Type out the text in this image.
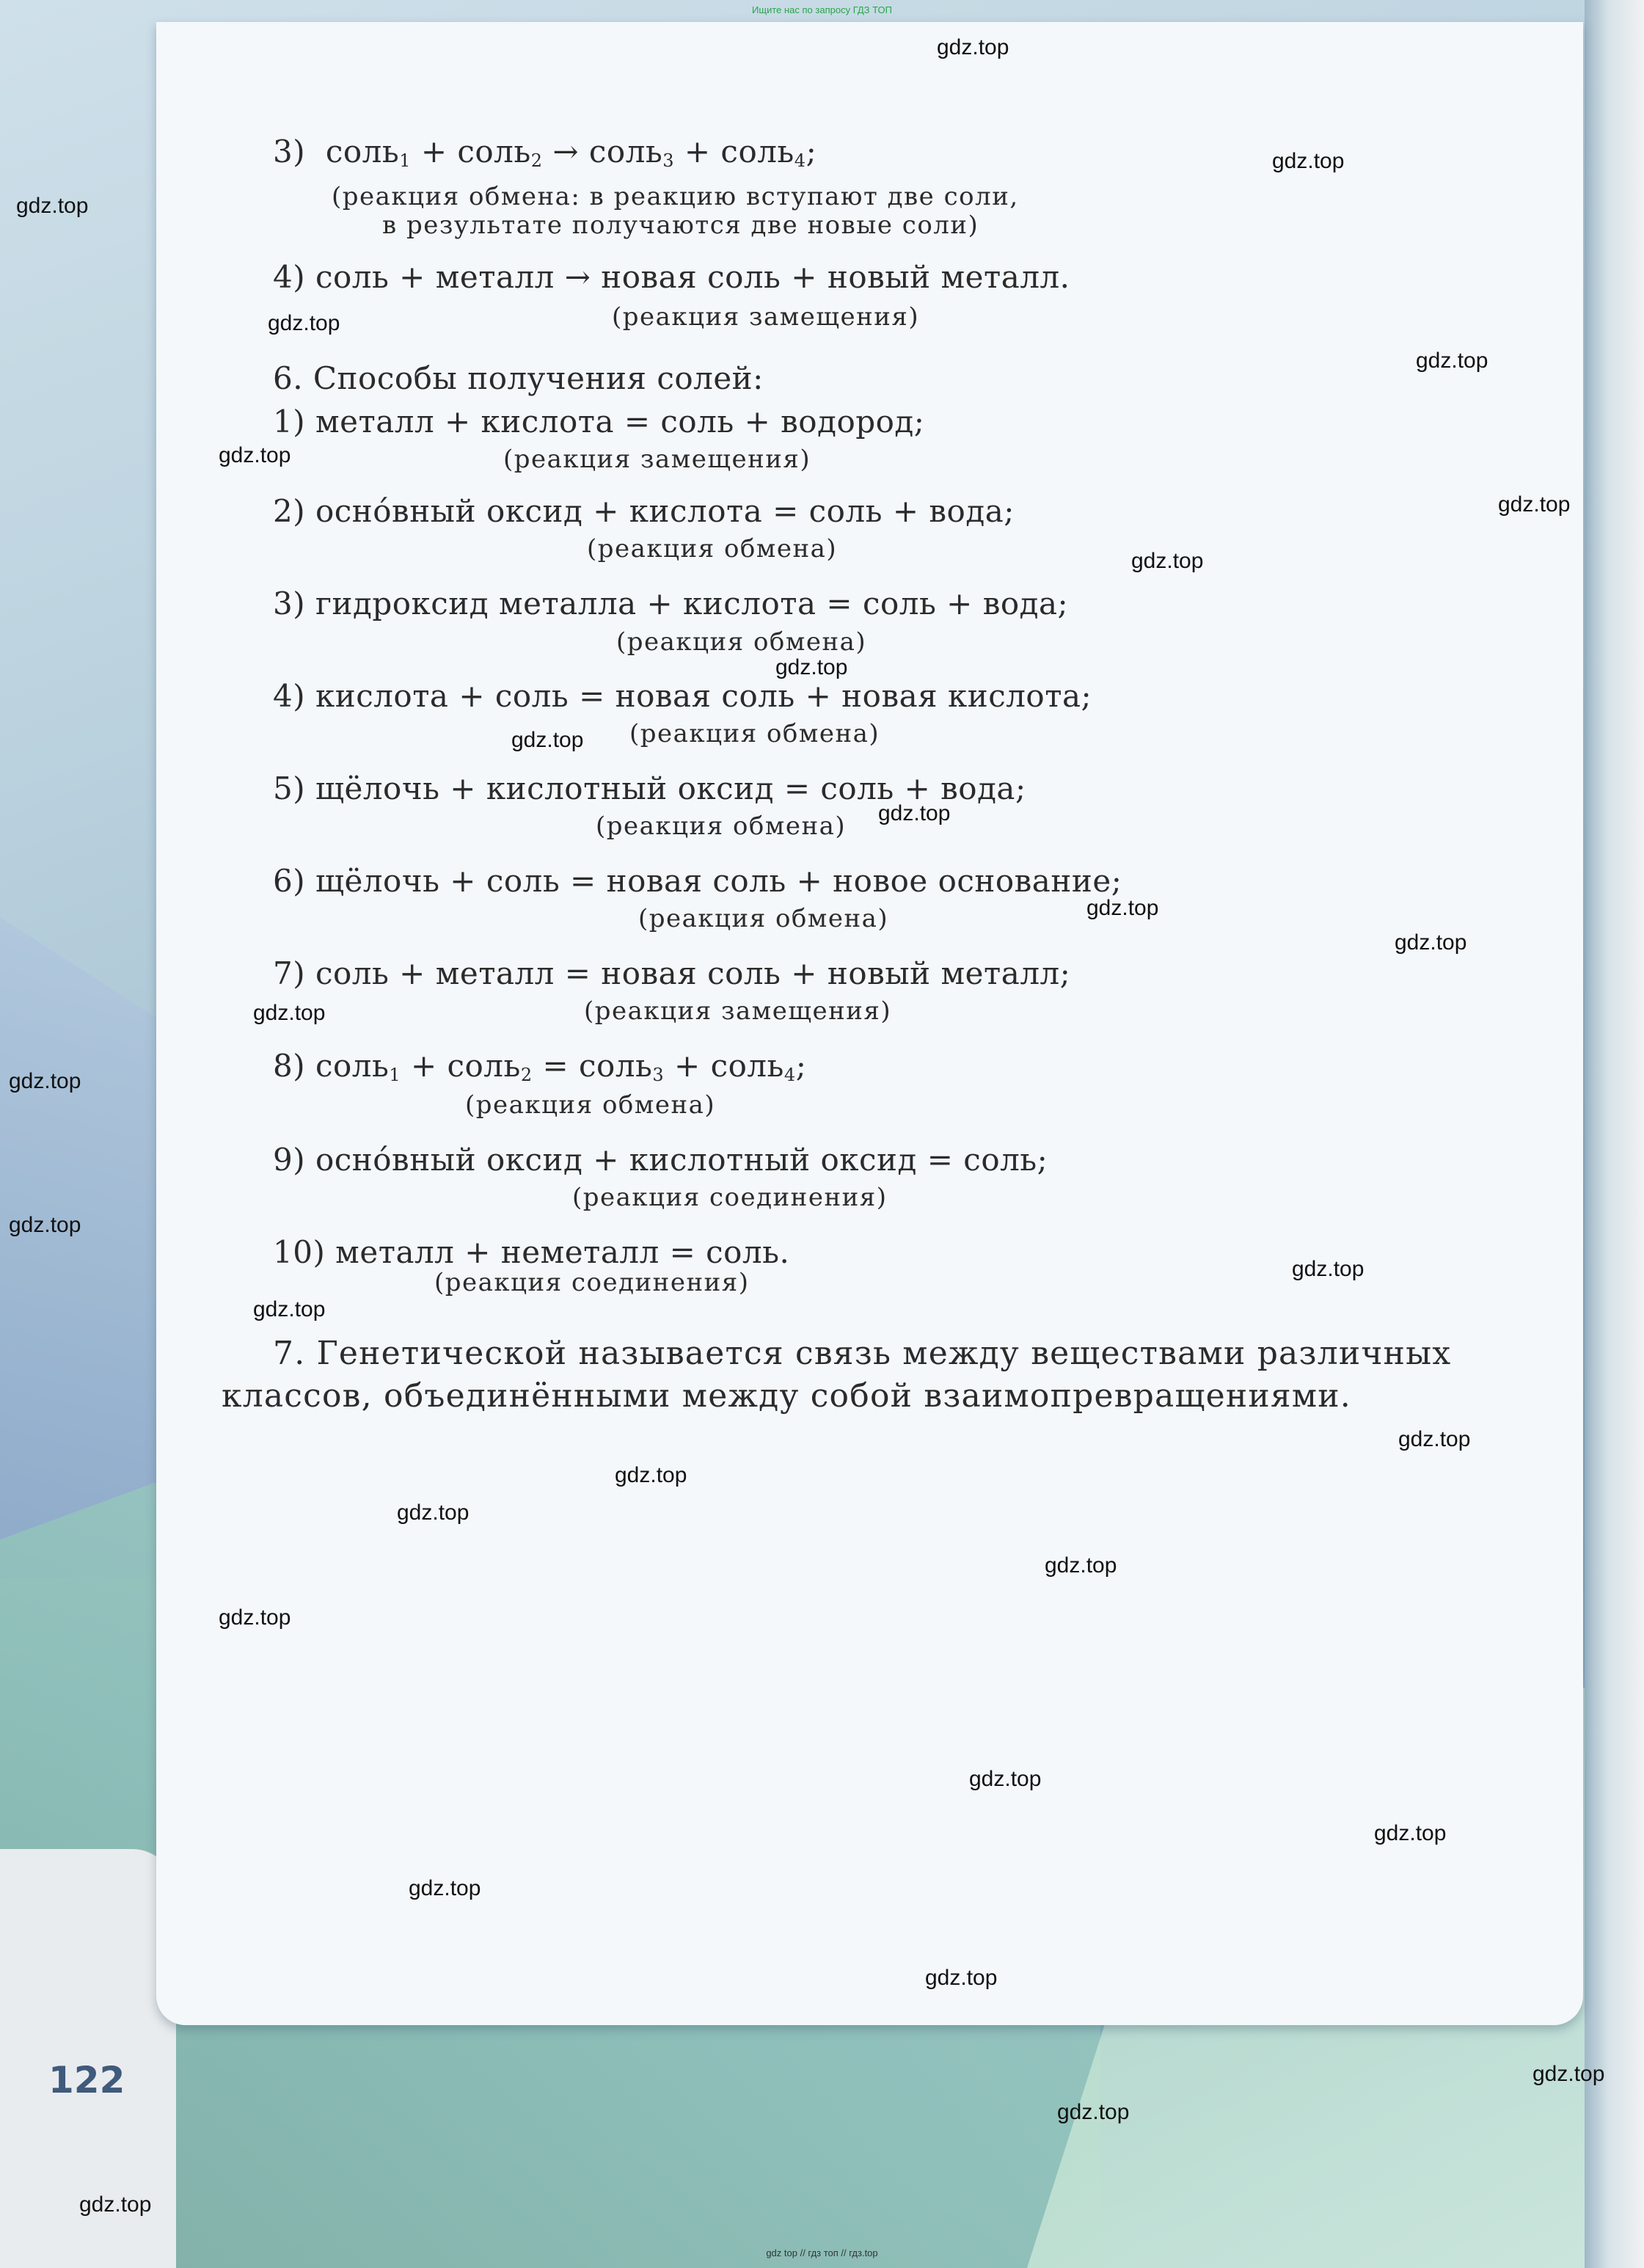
Ищите нас по запросу ГДЗ ТОП
3) соль$_1$ + соль$_2$ → соль$_3$ + соль$_4$;
(реакция обмена: в реакцию вступают две соли,
в результате получаются две новые соли)
4) соль + металл → новая соль + новый металл.
(реакция замещения)
6. Способы получения солей:
1) металл + кислота = соль + водород;
(реакция замещения)
2) осно́вный оксид + кислота = соль + вода;
(реакция обмена)
3) гидроксид металла + кислота = соль + вода;
(реакция обмена)
4) кислота + соль = новая соль + новая кислота;
(реакция обмена)
5) щёлочь + кислотный оксид = соль + вода;
(реакция обмена)
6) щёлочь + соль = новая соль + новое основание;
(реакция обмена)
7) соль + металл = новая соль + новый металл;
(реакция замещения)
8) соль$_1$ + соль$_2$ = соль$_3$ + соль$_4$;
(реакция обмена)
9) осно́вный оксид + кислотный оксид = соль;
(реакция соединения)
10) металл + неметалл = соль.
(реакция соединения)
7. Генетической называется связь между веществами различных
классов, объединёнными между собой взаимопревращениями.
gdz.top
gdz.top
gdz.top
gdz.top
gdz.top
gdz.top
gdz.top
gdz.top
gdz.top
gdz.top
gdz.top
gdz.top
gdz.top
gdz.top
gdz.top
gdz.top
gdz.top
gdz.top
gdz.top
gdz.top
gdz.top
gdz.top
gdz.top
gdz.top
gdz.top
gdz.top
gdz.top
gdz.top
gdz.top
gdz.top
122
gdz top // гдз топ // гдз.top
